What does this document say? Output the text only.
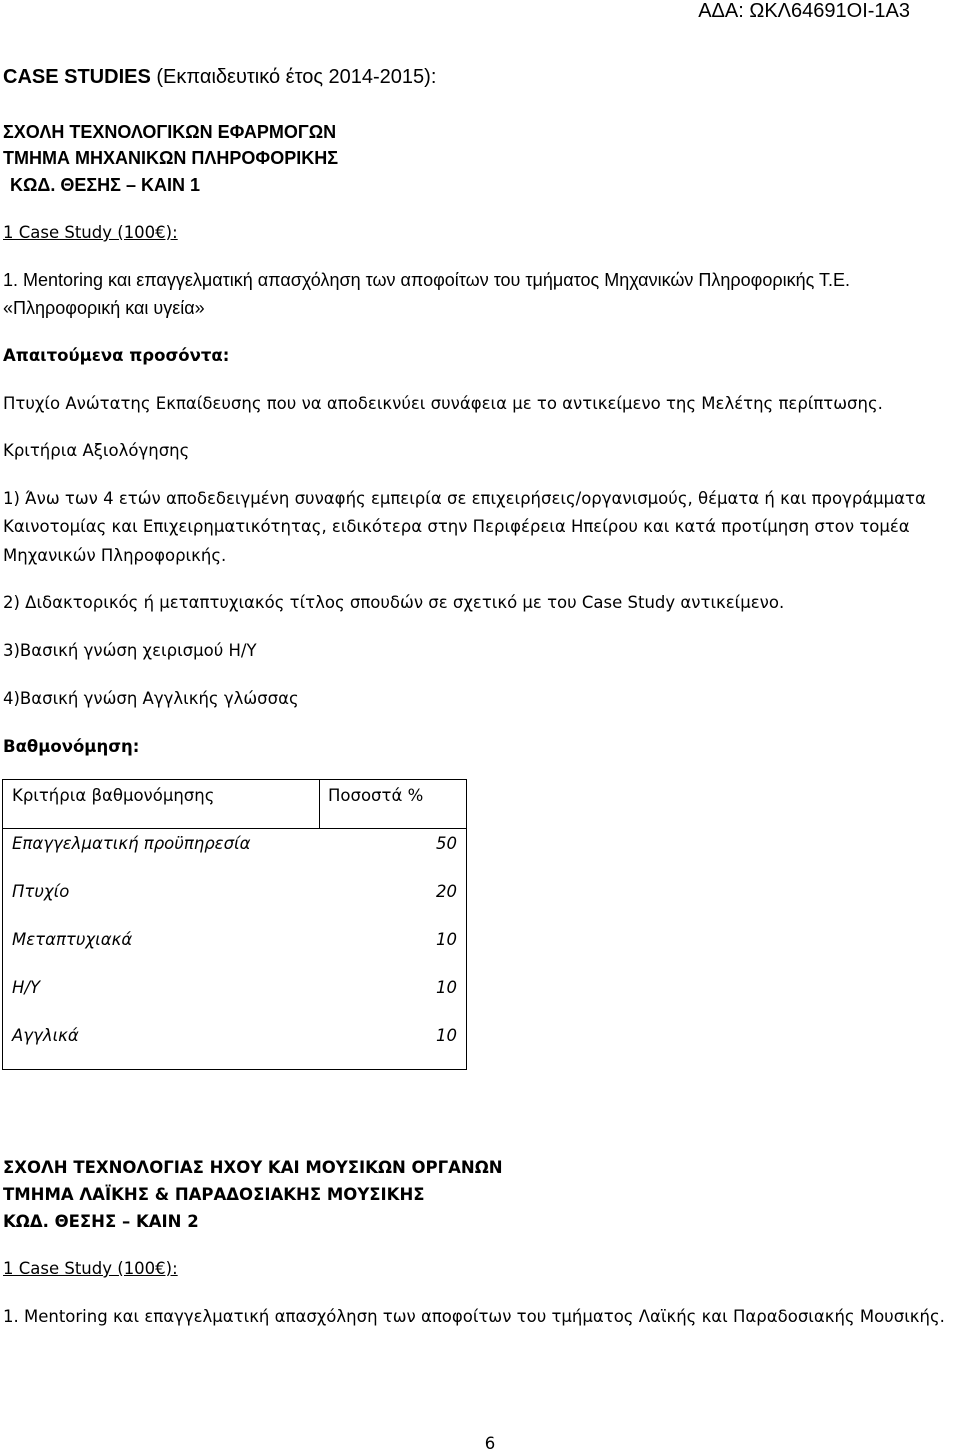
ΑΔΑ: ΩΚΛ64691ΟΙ-1Α3
CASE STUDIES (Εκπαιδευτικό έτος 2014-2015):
ΣΧΟΛΗ ΤΕΧΝΟΛΟΓΙΚΩΝ ΕΦΑΡΜΟΓΩΝ
ΤΜΗΜΑ ΜΗΧΑΝΙΚΩΝ ΠΛΗΡΟΦΟΡΙΚΗΣ
ΚΩΔ. ΘΕΣΗΣ – ΚΑΙΝ 1
1 Case Study (100€):
1. Mentoring και επαγγελματική απασχόληση των αποφοίτων του τμήματος Μηχανικών Πληροφορικής Τ.Ε.
«Πληροφορική και υγεία»
Απαιτούμενα προσόντα:
Πτυχίο Ανώτατης Εκπαίδευσης που να αποδεικνύει συνάφεια με το αντικείμενο της Μελέτης περίπτωσης.
Κριτήρια Αξιολόγησης
1) Άνω των 4 ετών αποδεδειγμένη συναφής εμπειρία σε επιχειρήσεις/οργανισμούς, θέματα ή και προγράμματα
Καινοτομίας και Επιχειρηματικότητας, ειδικότερα στην Περιφέρεια Ηπείρου και κατά προτίμηση στον τομέα
Μηχανικών Πληροφορικής.
2) Διδακτορικός ή μεταπτυχιακός τίτλος σπουδών σε σχετικό με του Case Study αντικείμενο.
3)Βασική γνώση χειρισμού Η/Υ
4)Βασική γνώση Αγγλικής γλώσσας
Βαθμονόμηση:
Κριτήρια βαθμονόμησης	Ποσοστά %
Επαγγελματική προϋπηρεσία	50
Πτυχίο	20
Μεταπτυχιακά	10
Η/Υ	10
Αγγλικά	10
ΣΧΟΛΗ ΤΕΧΝΟΛΟΓΙΑΣ ΗΧΟΥ ΚΑΙ ΜΟΥΣΙΚΩΝ ΟΡΓΑΝΩΝ
ΤΜΗΜΑ ΛΑΪΚΗΣ & ΠΑΡΑΔΟΣΙΑΚΗΣ ΜΟΥΣΙΚΗΣ
ΚΩΔ. ΘΕΣΗΣ – ΚΑΙΝ 2
1 Case Study (100€):
1. Mentoring και επαγγελματική απασχόληση των αποφοίτων του τμήματος Λαϊκής και Παραδοσιακής Μουσικής.
6
